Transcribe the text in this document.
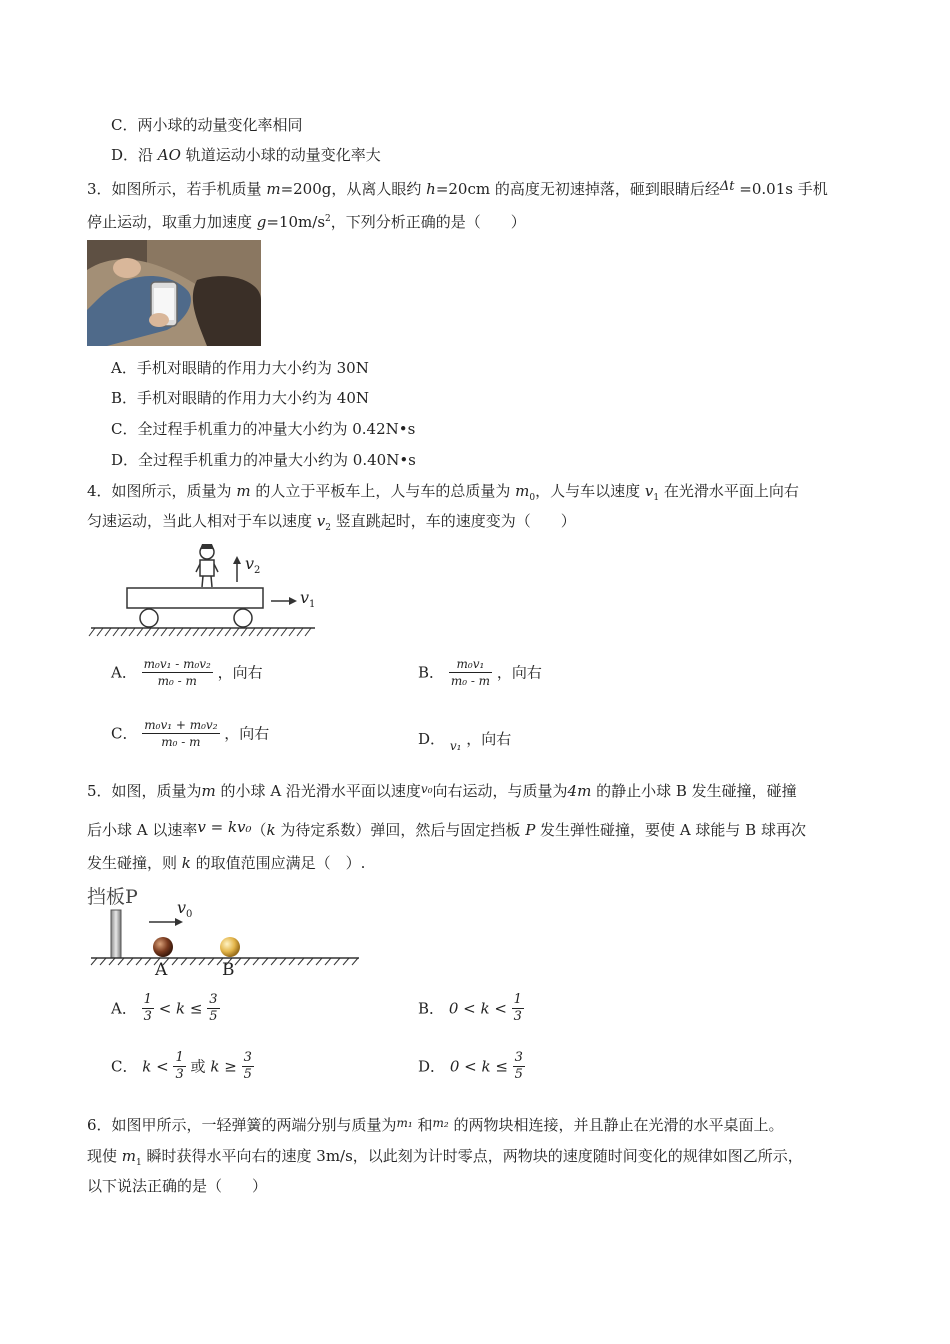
C．两小球的动量变化率相同
D．沿 AO 轨道运动小球的动量变化率大
3．如图所示，若手机质量 m=200g，从离人眼约 h=20cm 的高度无初速掉落，砸到眼睛后经Δt =0.01s 手机
停止运动，取重力加速度 $g=10m/s^2$，下列分析正确的是（　　）
A．手机对眼睛的作用力大小约为 30N
B．手机对眼睛的作用力大小约为 40N
C．全过程手机重力的冲量大小约为 0.42N•s
D．全过程手机重力的冲量大小约为 0.40N•s
4．如图所示，质量为 m 的人立于平板车上，人与车的总质量为 $m_0$，人与车以速度 $v_1$ 在光滑水平面上向右
匀速运动，当此人相对于车以速度 $v_2$ 竖直跳起时，车的速度变为（　　）
$v_2$
$v_1$
A． $\frac{\text{m₀v₁ - m₀v₂}}{\text{m₀ - m}}$ ，向右	B． $\frac{\text{m₀v₁}}{\text{m₀ - m}}$ ，向右
C． $\frac{\text{m₀v₁ + m₀v₂}}{\text{m₀ - m}}$ ，向右	D． $_{v_1}$ ，向右
5．如图，质量为m 的小球 A 沿光滑水平面以速度$^{v_0}$向右运动，与质量为4m 的静止小球 B 发生碰撞，碰撞
后小球 A 以速率v = kv₀（k 为待定系数）弹回，然后与固定挡板 P 发生弹性碰撞，要使 A 球能与 B 球再次
发生碰撞，则 k 的取值范围应满足（　）.
挡板P $v_0$
A	B
A． $\frac{1}{3} < k \le \frac{3}{5}$	B． $0 < k < \frac{1}{3}$
C． $k < \frac{1}{3}$ 或 $k \ge \frac{3}{5}$	D． $0 < k \le \frac{3}{5}$
6．如图甲所示，一轻弹簧的两端分别与质量为$^{m_1}$ 和$^{m_2}$ 的两物块相连接，并且静止在光滑的水平桌面上。
现使 $m_1$ 瞬时获得水平向右的速度 3m/s，以此刻为计时零点，两物块的速度随时间变化的规律如图乙所示，
以下说法正确的是（　　）
